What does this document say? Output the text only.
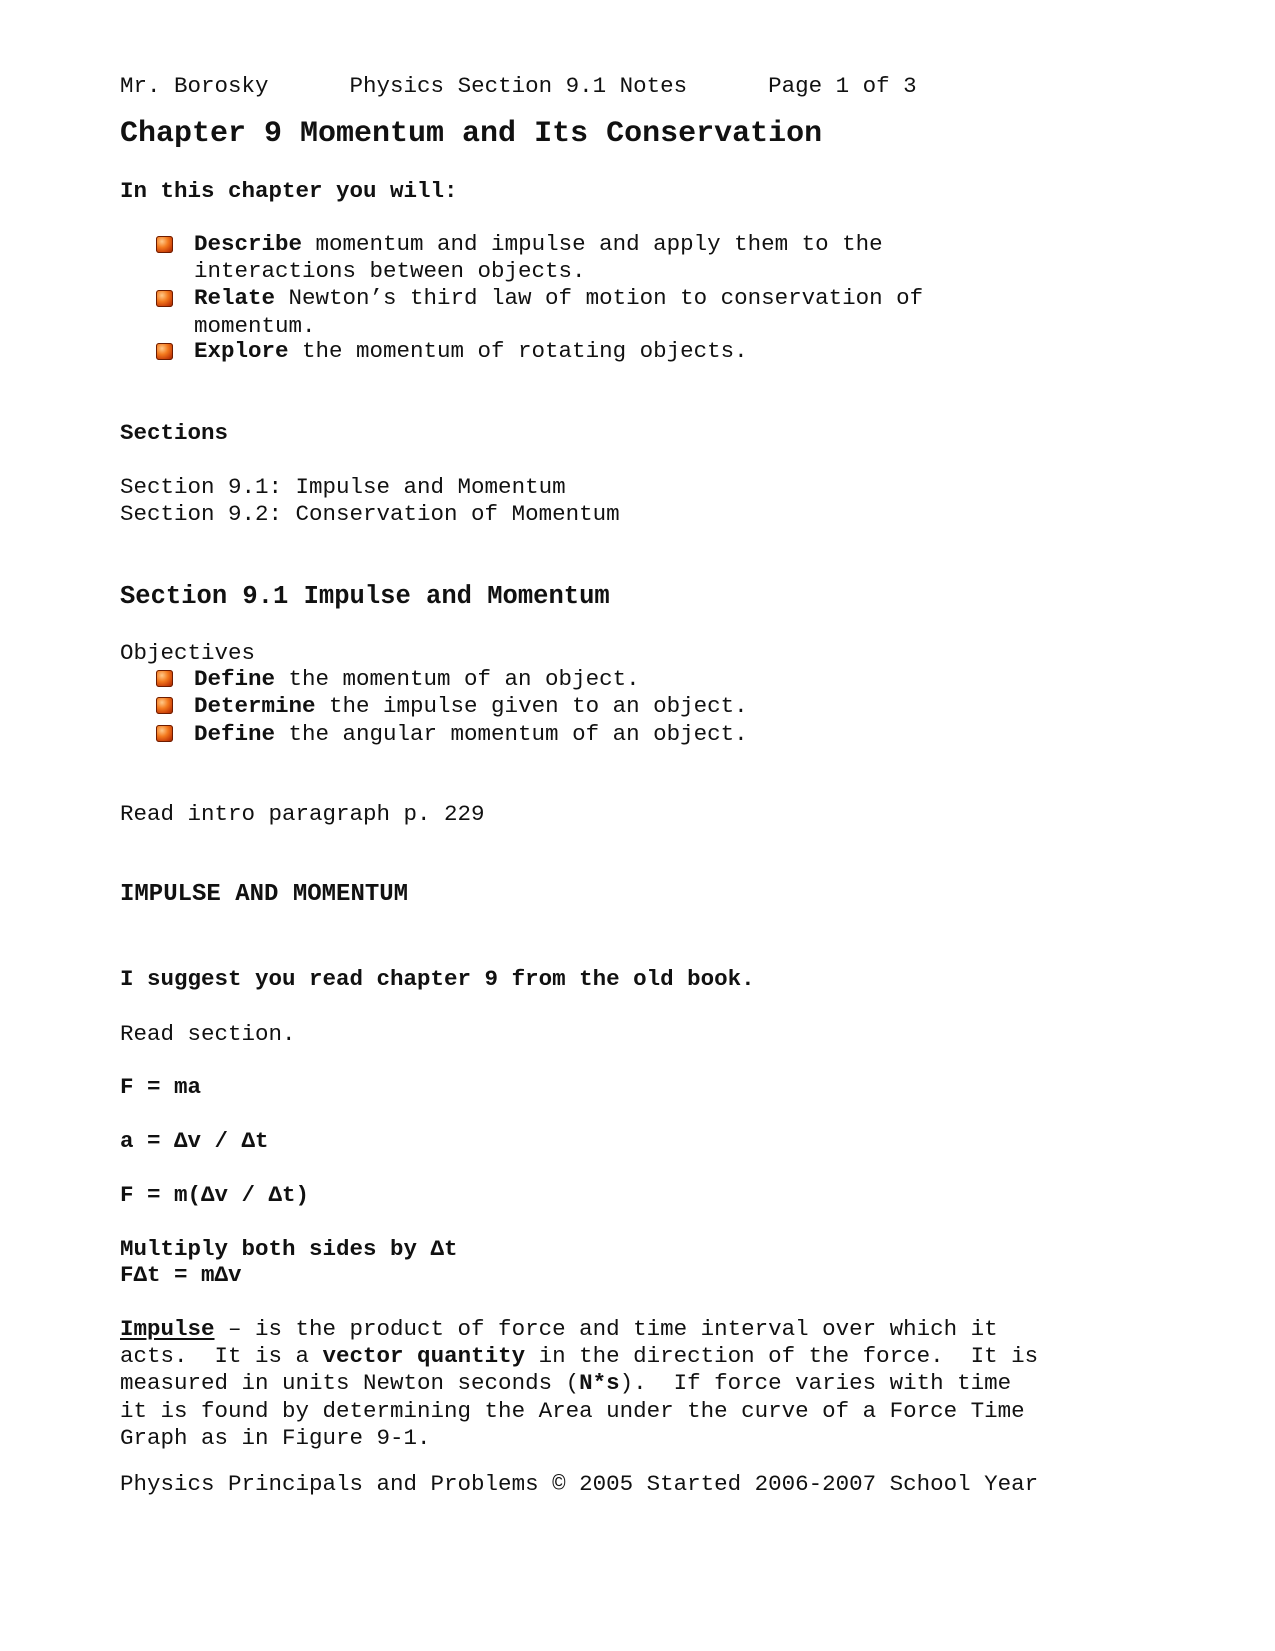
Mr. Borosky	Physics Section 9.1 Notes	Page 1 of 3

Chapter 9 Momentum and Its Conservation

In this chapter you will:

Describe momentum and impulse and apply them to the

interactions between objects.

Relate Newton’s third law of motion to conservation of

momentum.

Explore the momentum of rotating objects.

Sections

Section 9.1: Impulse and Momentum

Section 9.2: Conservation of Momentum

Section 9.1 Impulse and Momentum

Objectives

Define the momentum of an object.

Determine the impulse given to an object.

Define the angular momentum of an object.

Read intro paragraph p. 229

IMPULSE AND MOMENTUM

I suggest you read chapter 9 from the old book.

Read section.

F = ma

a = Δv / Δt

F = m(Δv / Δt)

Multiply both sides by Δt

FΔt = mΔv

Impulse – is the product of force and time interval over which it

acts.  It is a vector quantity in the direction of the force.  It is

measured in units Newton seconds (N*s).  If force varies with time

it is found by determining the Area under the curve of a Force Time

Graph as in Figure 9-1.

Physics Principals and Problems © 2005 Started 2006-2007 School Year
